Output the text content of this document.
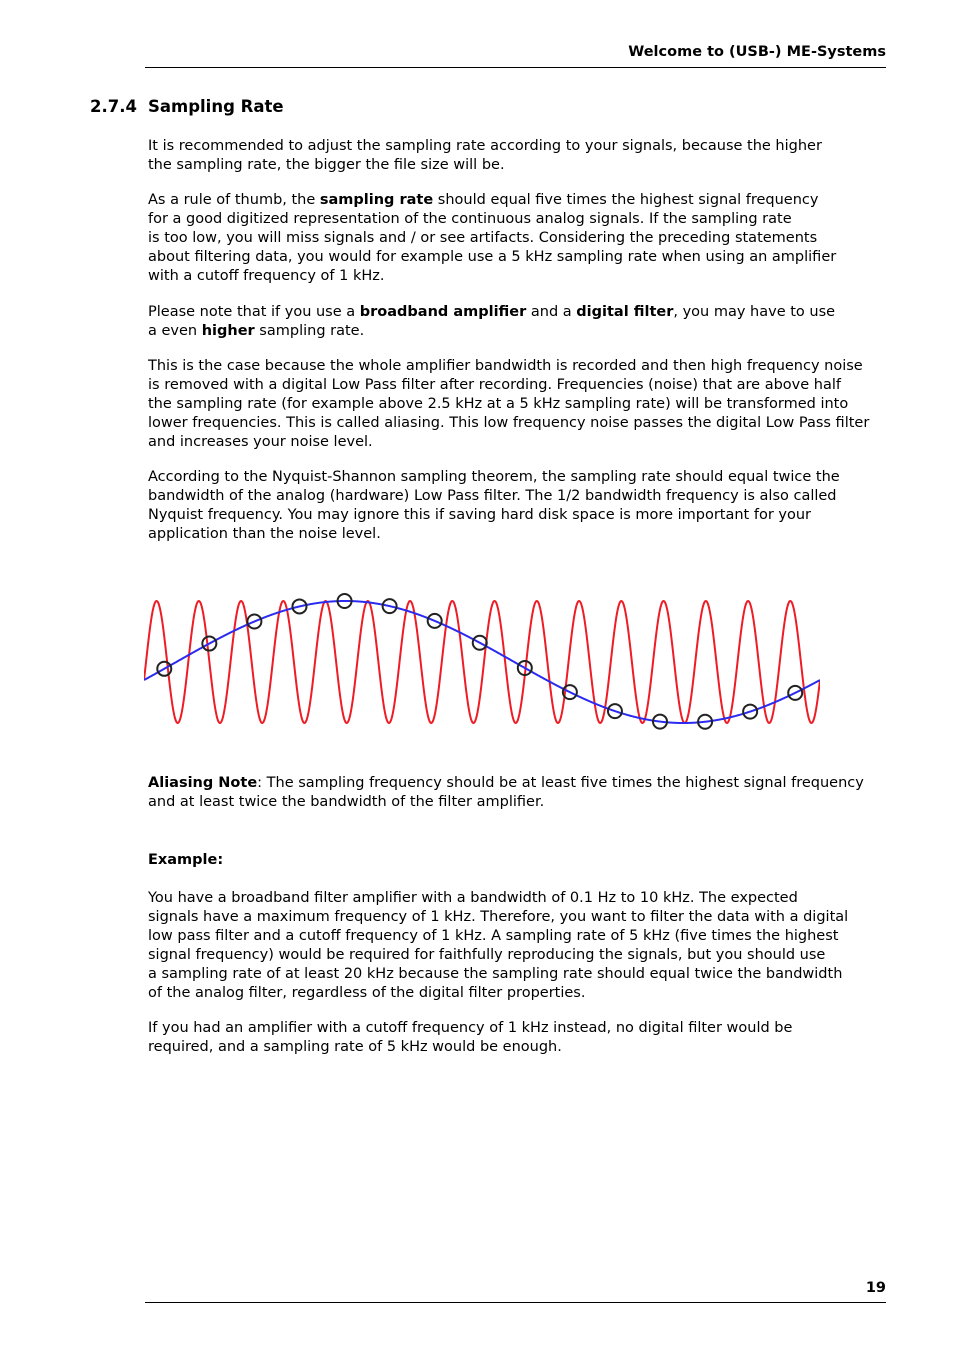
Welcome to (USB-) ME-Systems
2.7.4 Sampling Rate
It is recommended to adjust the sampling rate according to your signals, because the higher
the sampling rate, the bigger the file size will be.
As a rule of thumb, the sampling rate should equal five times the highest signal frequency
for a good digitized representation of the continuous analog signals. If the sampling rate
is too low, you will miss signals and / or see artifacts. Considering the preceding statements
about filtering data, you would for example use a 5 kHz sampling rate when using an amplifier
with a cutoff frequency of 1 kHz.
Please note that if you use a broadband amplifier and a digital filter, you may have to use
a even higher sampling rate.
This is the case because the whole amplifier bandwidth is recorded and then high frequency noise
is removed with a digital Low Pass filter after recording. Frequencies (noise) that are above half
the sampling rate (for example above 2.5 kHz at a 5 kHz sampling rate) will be transformed into
lower frequencies. This is called aliasing. This low frequency noise passes the digital Low Pass filter
and increases your noise level.
According to the Nyquist-Shannon sampling theorem, the sampling rate should equal twice the
bandwidth of the analog (hardware) Low Pass filter. The 1/2 bandwidth frequency is also called
Nyquist frequency. You may ignore this if saving hard disk space is more important for your
application than the noise level.
Aliasing Note: The sampling frequency should be at least five times the highest signal frequency
and at least twice the bandwidth of the filter amplifier.
Example:
You have a broadband filter amplifier with a bandwidth of 0.1 Hz to 10 kHz. The expected
signals have a maximum frequency of 1 kHz. Therefore, you want to filter the data with a digital
low pass filter and a cutoff frequency of 1 kHz. A sampling rate of 5 kHz (five times the highest
signal frequency) would be required for faithfully reproducing the signals, but you should use
a sampling rate of at least 20 kHz because the sampling rate should equal twice the bandwidth
of the analog filter, regardless of the digital filter properties.
If you had an amplifier with a cutoff frequency of 1 kHz instead, no digital filter would be
required, and a sampling rate of 5 kHz would be enough.
19
